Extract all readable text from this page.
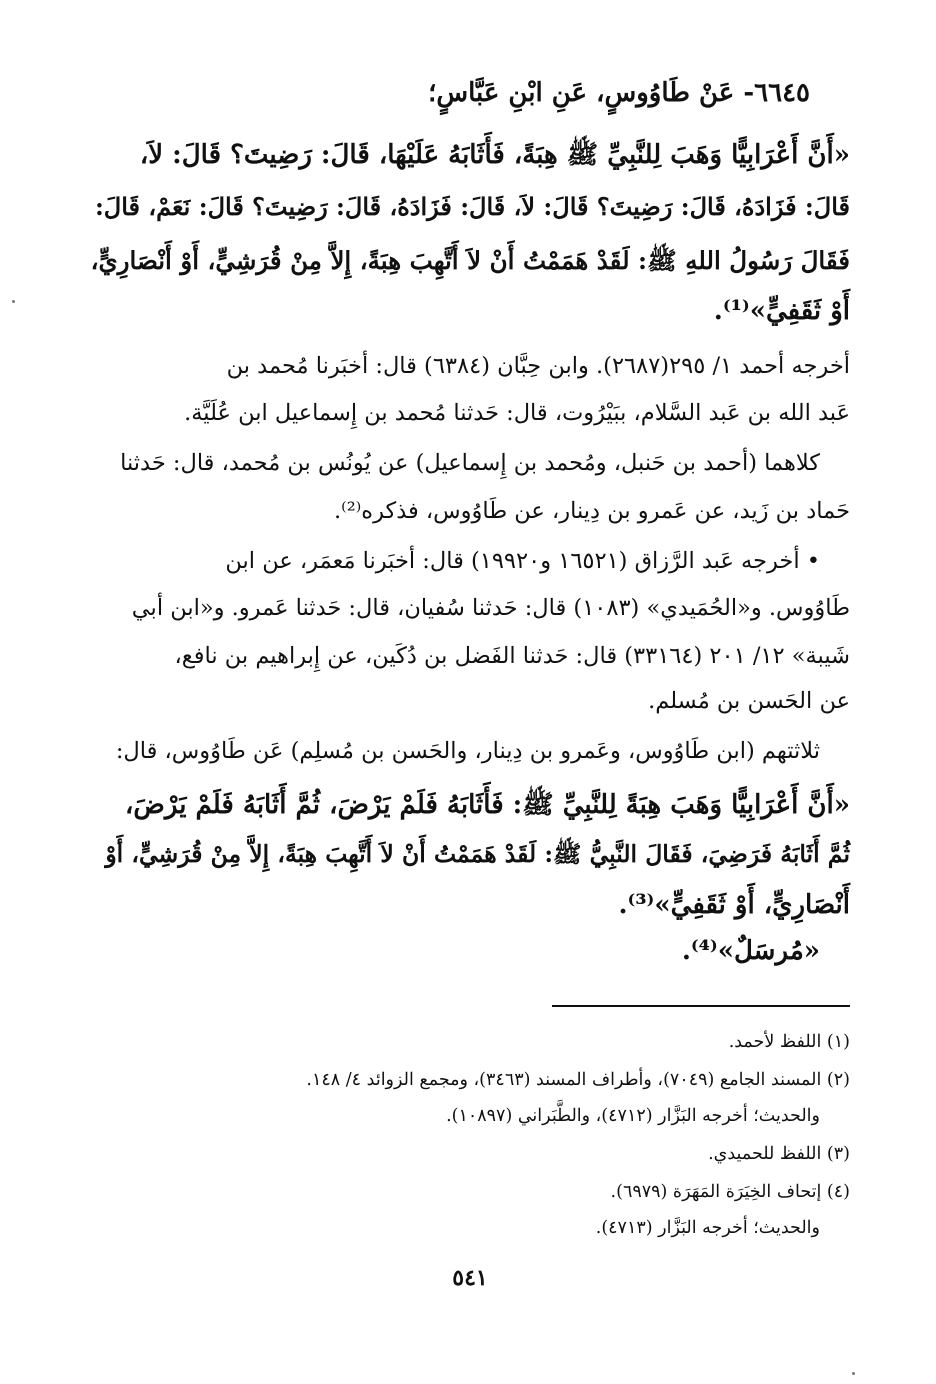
٦٦٤٥- عَنْ طَاوُوسٍ، عَنِ ابْنِ عَبَّاسٍ؛
«أَنَّ أَعْرَابِيًّا وَهَبَ لِلنَّبِيِّ ﷺ هِبَةً، فَأَثَابَهُ عَلَيْهَا، قَالَ: رَضِيتَ؟ قَالَ: لاَ،
قَالَ: فَزَادَهُ، قَالَ: رَضِيتَ؟ قَالَ: لاَ، قَالَ: فَزَادَهُ، قَالَ: رَضِيتَ؟ قَالَ: نَعَمْ، قَالَ:
فَقَالَ رَسُولُ اللهِ ﷺ: لَقَدْ هَمَمْتُ أَنْ لاَ أَتَّهِبَ هِبَةً، إِلاَّ مِنْ قُرَشِيٍّ، أَوْ أَنْصَارِيٍّ،
أَوْ ثَقَفِيٍّ»⁽¹⁾.
أخرجه أحمد ١/ ٢٩٥(٢٦٨٧). وابن حِبَّان (٦٣٨٤) قال: أخبَرنا مُحمد بن
عَبد الله بن عَبد السَّلام، ببَيْرُوت، قال: حَدثنا مُحمد بن إِسماعيل ابن عُلَيَّة.
كلاهما (أحمد بن حَنبل، ومُحمد بن إِسماعيل) عن يُونُس بن مُحمد، قال: حَدثنا
حَماد بن زَيد، عن عَمرو بن دِينار، عن طَاوُوس، فذكره⁽²⁾.
• أخرجه عَبد الرَّزاق (١٦٥٢١ و١٩٩٢٠) قال: أخبَرنا مَعمَر، عن ابن
طَاوُوس. و«الحُمَيدي» (١٠٨٣) قال: حَدثنا سُفيان، قال: حَدثنا عَمرو. و«ابن أبي
شَيبة» ١٢/ ٢٠١ (٣٣١٦٤) قال: حَدثنا الفَضل بن دُكَين، عن إِبراهيم بن نافع،
عن الحَسن بن مُسلم.
ثلاثتهم (ابن طَاوُوس، وعَمرو بن دِينار، والحَسن بن مُسلِم) عَن طَاوُوس، قال:
«أَنَّ أَعْرَابِيًّا وَهَبَ هِبَةً لِلنَّبِيِّ ﷺ: فَأَثَابَهُ فَلَمْ يَرْضَ، ثُمَّ أَثَابَهُ فَلَمْ يَرْضَ،
ثُمَّ أَثَابَهُ فَرَضِيَ، فَقَالَ النَّبِيُّ ﷺ: لَقَدْ هَمَمْتُ أَنْ لاَ أَتَّهِبَ هِبَةً، إِلاَّ مِنْ قُرَشِيٍّ، أَوْ
أَنْصَارِيٍّ، أَوْ ثَقَفِيٍّ»⁽³⁾.
«مُرسَلٌ»⁽⁴⁾.
(١) اللفظ لأحمد.
(٢) المسند الجامع (٧٠٤٩)، وأطراف المسند (٣٤٦٣)، ومجمع الزوائد ٤/ ١٤٨.
والحديث؛ أخرجه البَزَّار (٤٧١٢)، والطَّبَراني (١٠٨٩٧).
(٣) اللفظ للحميدي.
(٤) إتحاف الخِيَرَة المَهَرَة (٦٩٧٩).
والحديث؛ أخرجه البَزَّار (٤٧١٣).
٥٤١
